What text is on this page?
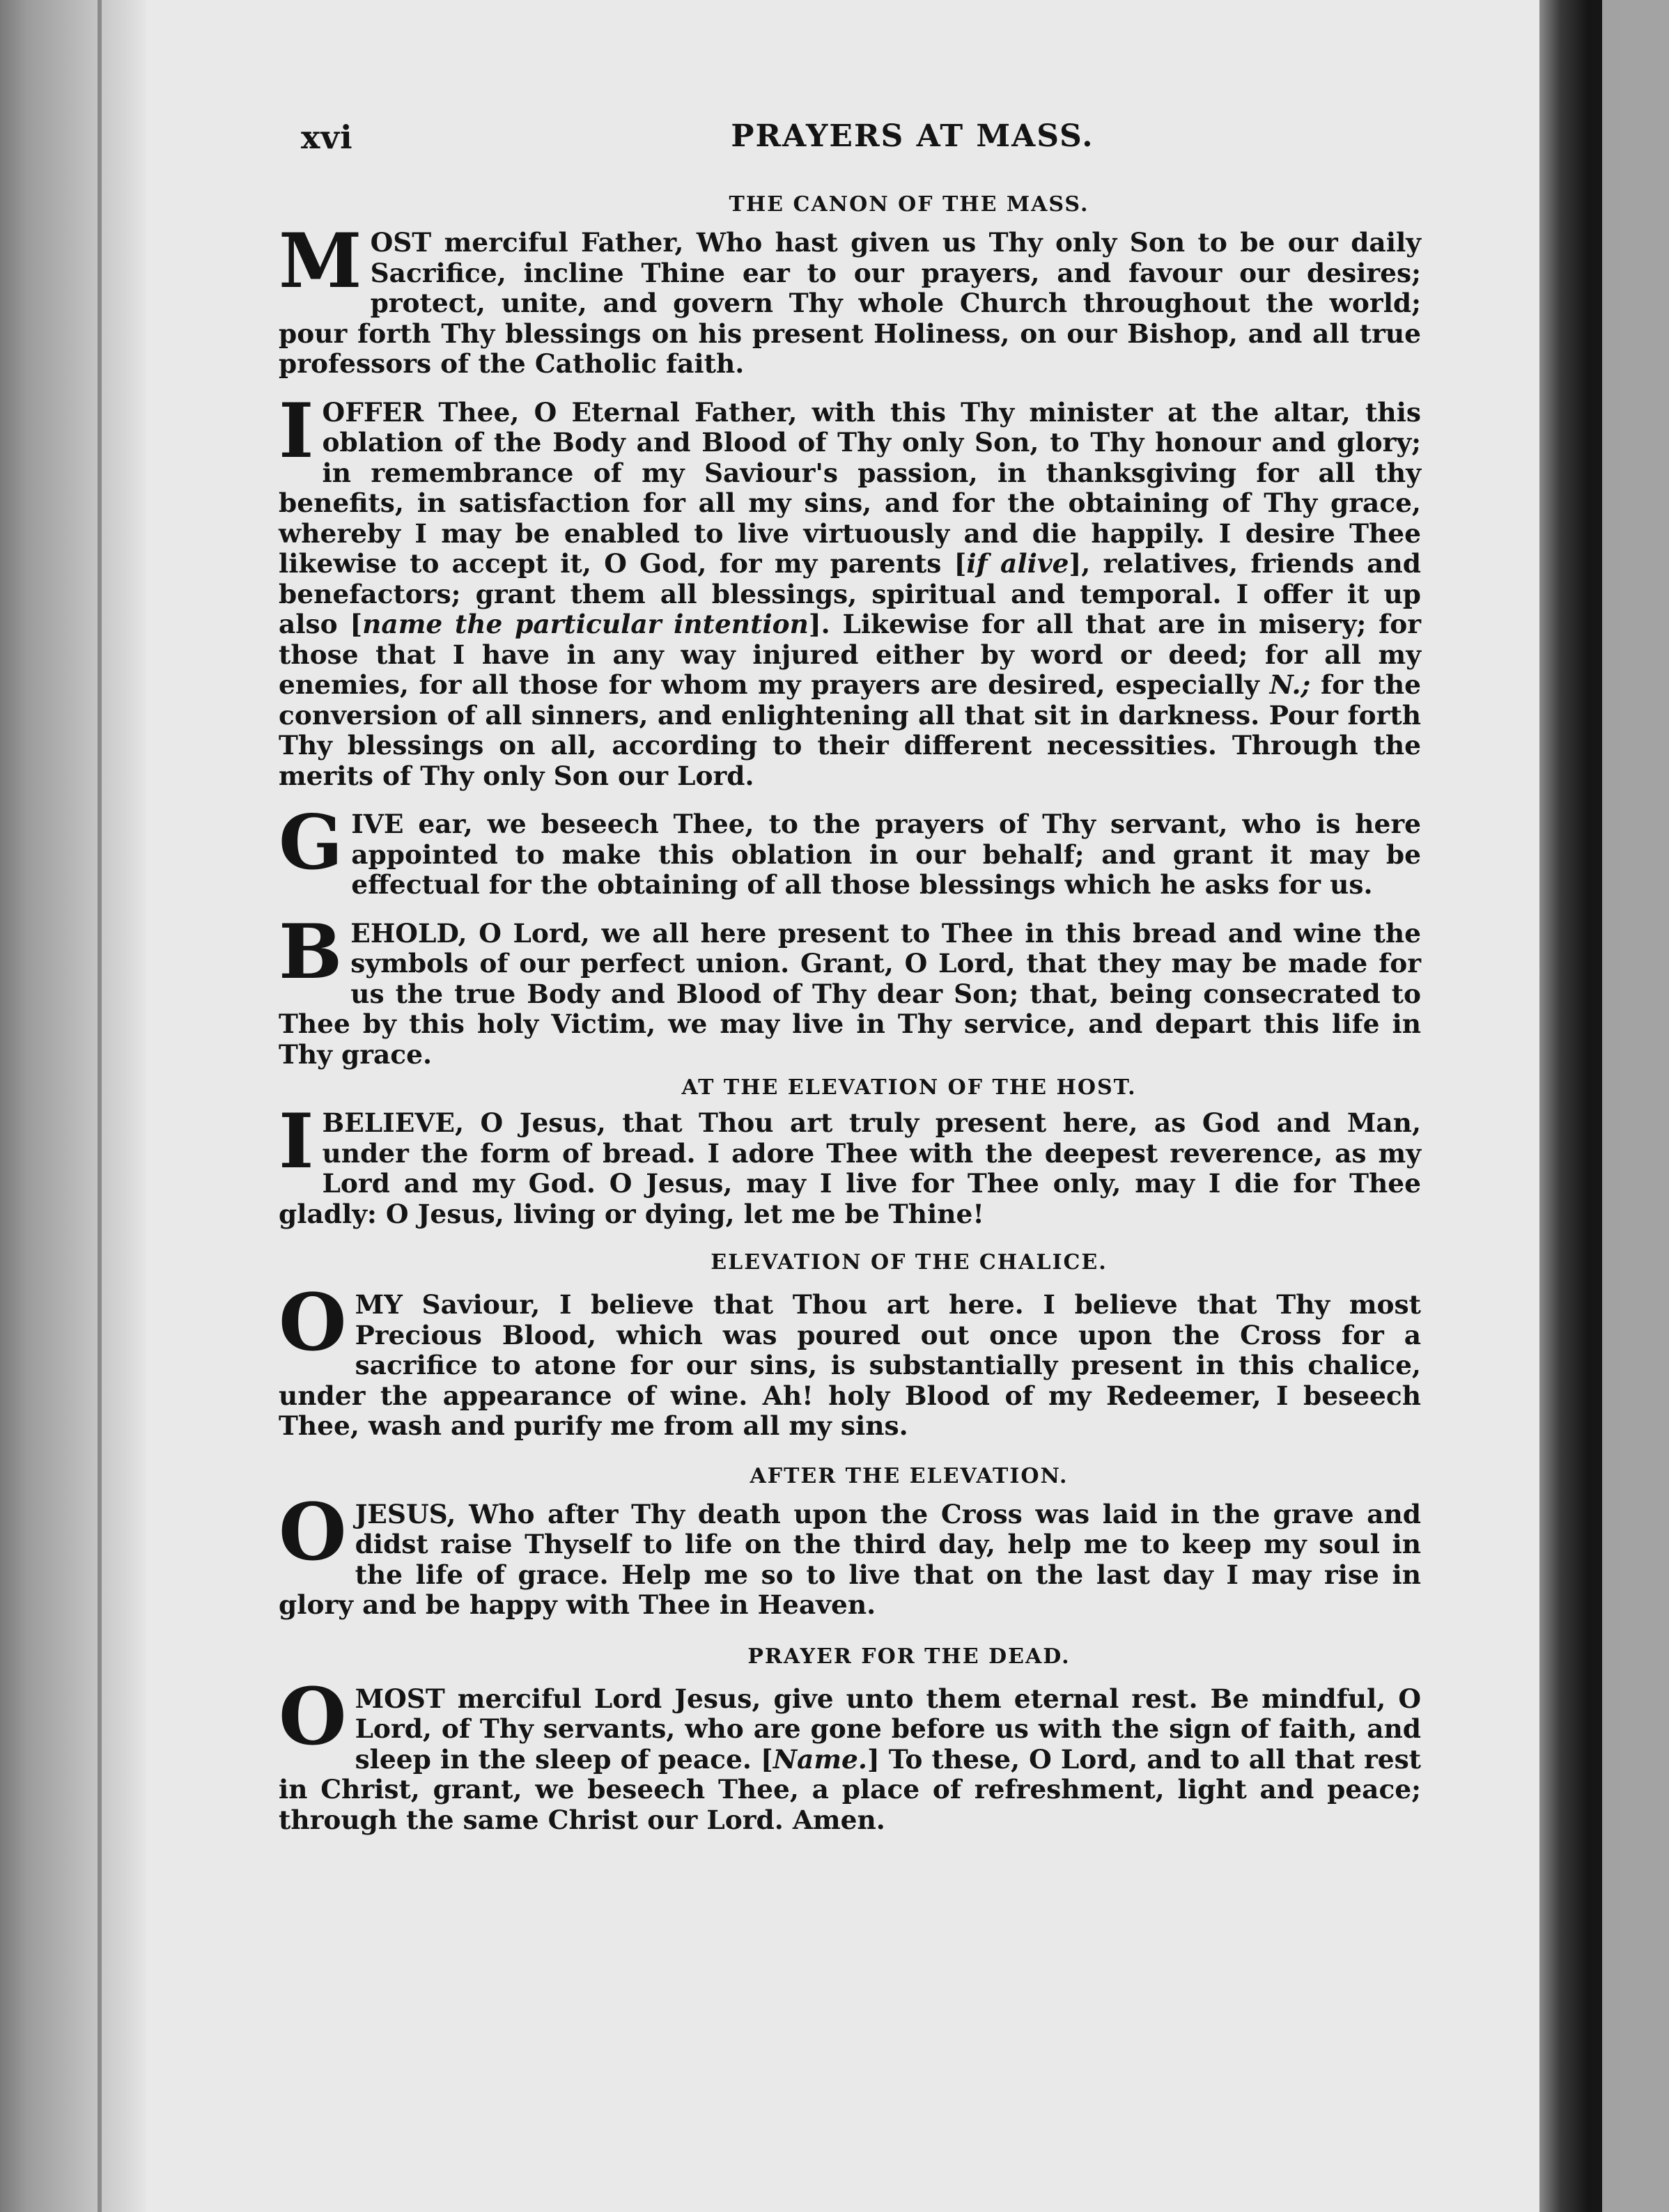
xvi	PRAYERS AT MASS.
THE CANON OF THE MASS.
M OST merciful Father, Who hast given us Thy only Son to be our daily Sacrifice, incline Thine ear to our prayers, and favour our desires; protect, unite, and govern Thy whole Church throughout the world; pour forth Thy blessings on his present Holiness, on our Bishop, and all true professors of the Catholic faith.

I OFFER Thee, O Eternal Father, with this Thy minister at the altar, this oblation of the Body and Blood of Thy only Son, to Thy honour and glory; in remembrance of my Saviour's passion, in thanksgiving for all thy benefits, in satisfaction for all my sins, and for the obtaining of Thy grace, whereby I may be enabled to live virtuously and die happily. I desire Thee likewise to accept it, O God, for my parents [if alive], relatives, friends and benefactors; grant them all blessings, spiritual and temporal. I offer it up also [name the particular intention]. Likewise for all that are in misery; for those that I have in any way injured either by word or deed; for all my enemies, for all those for whom my prayers are desired, especially N.; for the conversion of all sinners, and enlightening all that sit in darkness. Pour forth Thy blessings on all, according to their different necessities. Through the merits of Thy only Son our Lord.

G IVE ear, we beseech Thee, to the prayers of Thy servant, who is here appointed to make this oblation in our behalf; and grant it may be effectual for the obtaining of all those blessings which he asks for us.

B EHOLD, O Lord, we all here present to Thee in this bread and wine the symbols of our perfect union. Grant, O Lord, that they may be made for us the true Body and Blood of Thy dear Son; that, being consecrated to Thee by this holy Victim, we may live in Thy service, and depart this life in Thy grace.

AT THE ELEVATION OF THE HOST.
I BELIEVE, O Jesus, that Thou art truly present here, as God and Man, under the form of bread. I adore Thee with the deepest reverence, as my Lord and my God. O Jesus, may I live for Thee only, may I die for Thee gladly: O Jesus, living or dying, let me be Thine!

ELEVATION OF THE CHALICE.
O MY Saviour, I believe that Thou art here. I believe that Thy most Precious Blood, which was poured out once upon the Cross for a sacrifice to atone for our sins, is substantially present in this chalice, under the appearance of wine. Ah! holy Blood of my Redeemer, I beseech Thee, wash and purify me from all my sins.

AFTER THE ELEVATION.
O JESUS, Who after Thy death upon the Cross was laid in the grave and didst raise Thyself to life on the third day, help me to keep my soul in the life of grace. Help me so to live that on the last day I may rise in glory and be happy with Thee in Heaven.

PRAYER FOR THE DEAD.
O MOST merciful Lord Jesus, give unto them eternal rest. Be mindful, O Lord, of Thy servants, who are gone before us with the sign of faith, and sleep in the sleep of peace. [Name.] To these, O Lord, and to all that rest in Christ, grant, we beseech Thee, a place of refreshment, light and peace; through the same Christ our Lord. Amen.
